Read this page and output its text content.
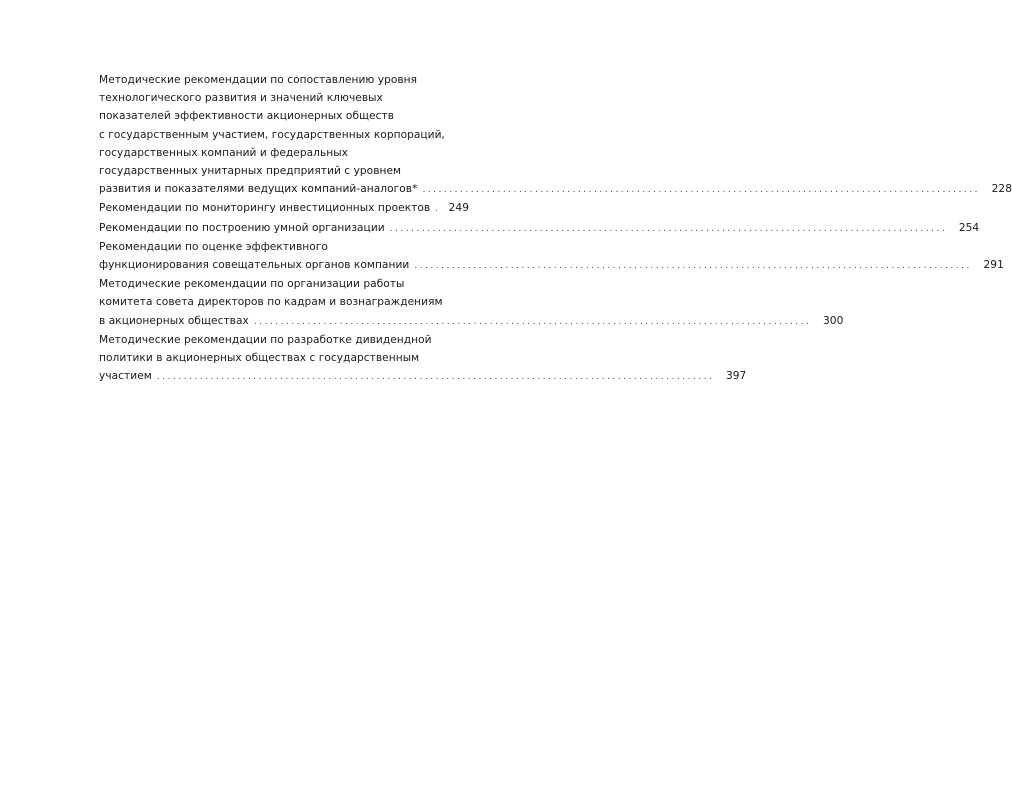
Методические рекомендации по сопоставлению уровня
технологического развития и значений ключевых
показателей эффективности акционерных обществ
с государственным участием, государственных корпораций,
государственных компаний и федеральных
государственных унитарных предприятий с уровнем
развития и показателями ведущих компаний-аналогов* ........................................................................................................	228
Рекомендации по мониторингу инвестиционных проектов	249
Рекомендации по построению умной организации ........................................................................................................	254
Рекомендации по оценке эффективного
функционирования совещательных органов компании ........................................................................................................	291
Методические рекомендации по организации работы
комитета совета директоров по кадрам и вознаграждениям
в акционерных обществах ........................................................................................................	300
Методические рекомендации по разработке дивидендной
политики в акционерных обществах с государственным
участием ........................................................................................................	397
